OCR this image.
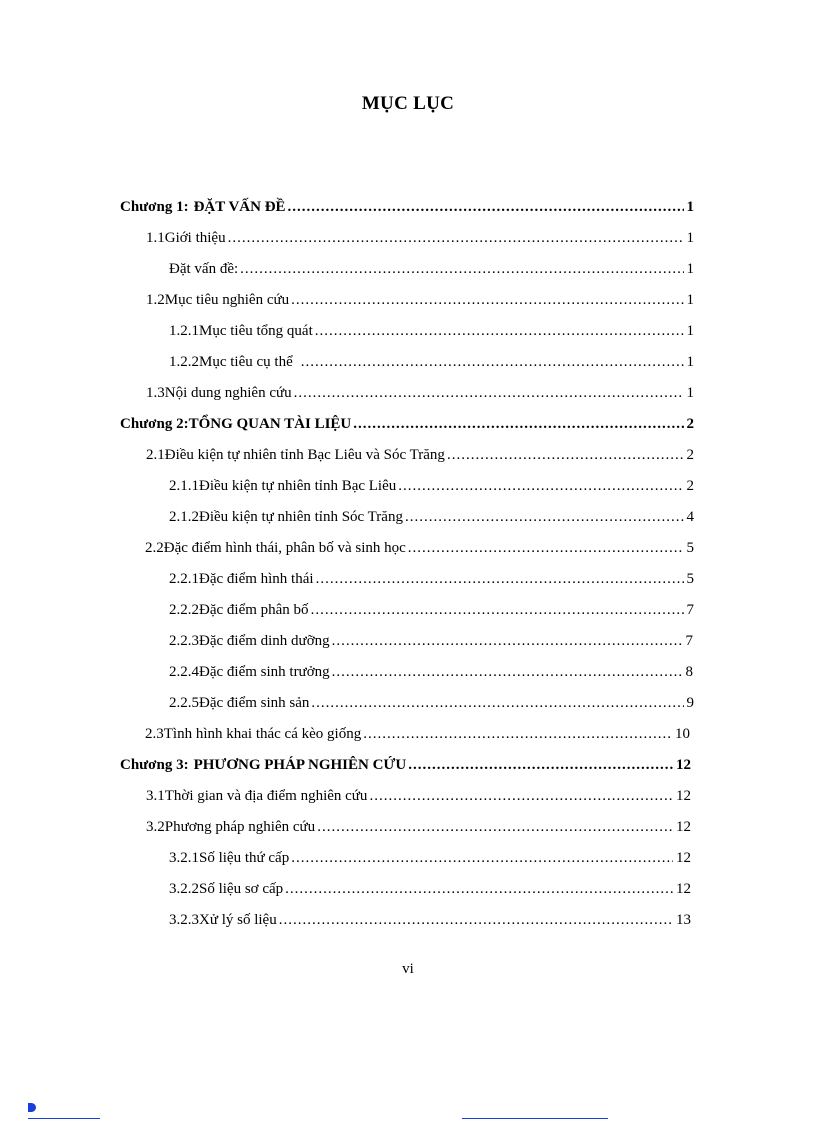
MỤC LỤC
Chương 1: ĐẶT VẤN ĐỀ .....	1
1.1 Giới thiệu .....	1
Đặt vấn đề: .....	1
1.2 Mục tiêu nghiên cứu .....	1
1.2.1 Mục tiêu tổng quát .....	1
1.2.2 Mục tiêu cụ thể .....	1
1.3 Nội dung nghiên cứu .....	1
Chương 2: TỔNG QUAN TÀI LIỆU .....	2
2.1 Điều kiện tự nhiên tỉnh Bạc Liêu và Sóc Trăng .....	2
2.1.1 Điều kiện tự nhiên tỉnh Bạc Liêu .....	2
2.1.2 Điều kiện tự nhiên tỉnh Sóc Trăng .....	4
2.2 Đặc điểm hình thái, phân bố và sinh học .....	5
2.2.1 Đặc điểm hình thái .....	5
2.2.2 Đặc điểm phân bố .....	7
2.2.3 Đặc điểm dinh dưỡng .....	7
2.2.4 Đặc điểm sinh trưởng .....	8
2.2.5 Đặc điểm sinh sản .....	9
2.3 Tình hình khai thác cá kèo giống .....	10
Chương 3: PHƯƠNG PHÁP NGHIÊN CỨU .....	12
3.1 Thời gian và địa điểm nghiên cứu .....	12
3.2 Phương pháp nghiên cứu .....	12
3.2.1 Số liệu thứ cấp .....	12
3.2.2 Số liệu sơ cấp .....	12
3.2.3 Xử lý số liệu .....	13
vi
